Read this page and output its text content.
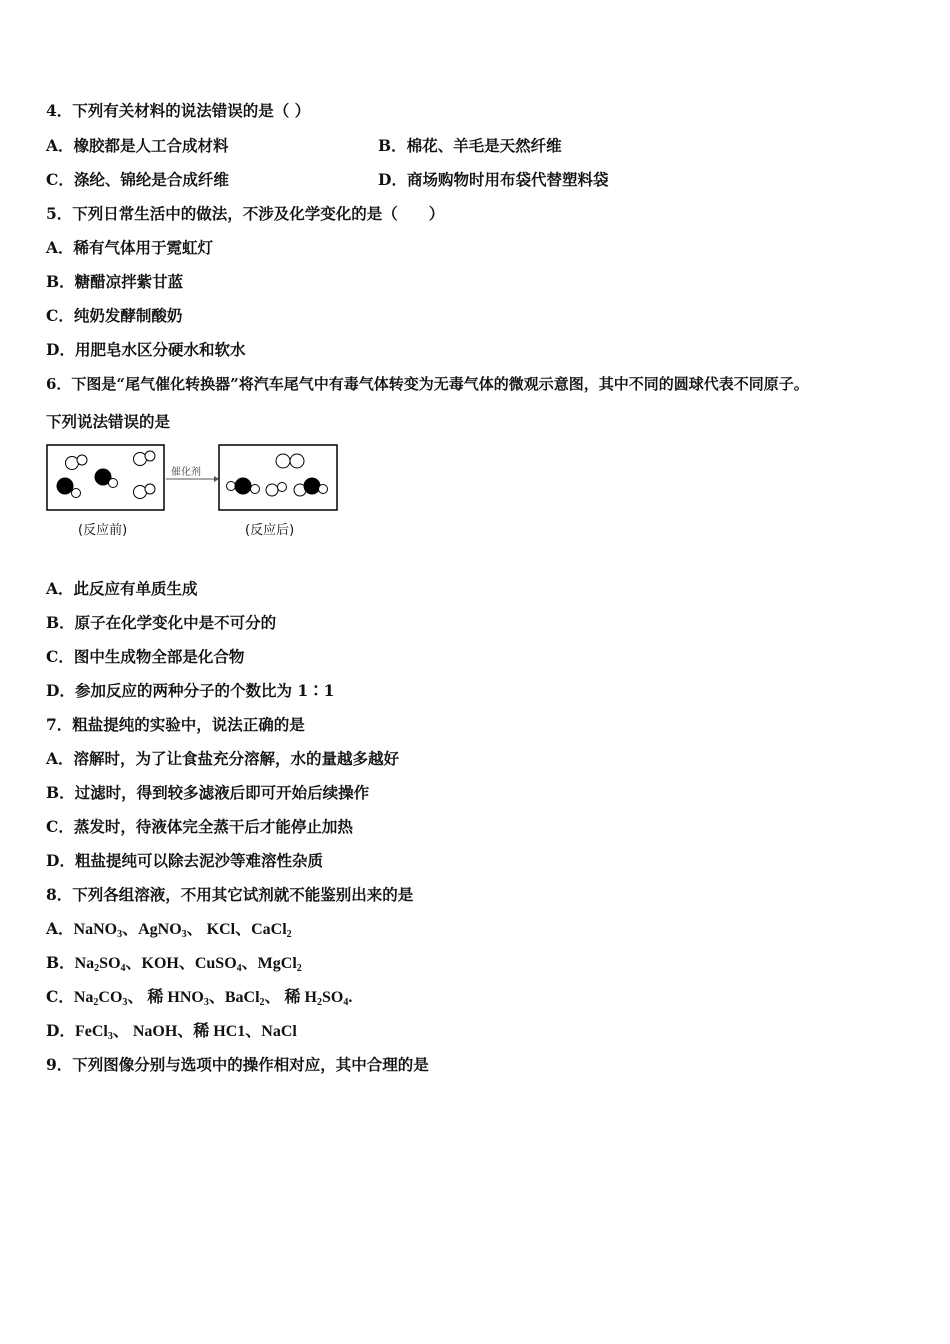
4．下列有关材料的说法错误的是（ ）
A．橡胶都是人工合成材料	B．棉花、羊毛是天然纤维
C．涤纶、锦纶是合成纤维	D．商场购物时用布袋代替塑料袋
5．下列日常生活中的做法，不涉及化学变化的是（　　）
A．稀有气体用于霓虹灯
B．糖醋凉拌紫甘蓝
C．纯奶发酵制酸奶
D．用肥皂水区分硬水和软水
6．下图是“尾气催化转换器”将汽车尾气中有毒气体转变为无毒气体的微观示意图，其中不同的圆球代表不同原子。
下列说法错误的是
催化剂
(反应前)	(反应后)
A．此反应有单质生成
B．原子在化学变化中是不可分的
C．图中生成物全部是化合物
D．参加反应的两种分子的个数比为 1∶1
7．粗盐提纯的实验中，说法正确的是
A．溶解时，为了让食盐充分溶解，水的量越多越好
B．过滤时，得到较多滤液后即可开始后续操作
C．蒸发时，待液体完全蒸干后才能停止加热
D．粗盐提纯可以除去泥沙等难溶性杂质
8．下列各组溶液，不用其它试剂就不能鉴别出来的是
A．NaNO$_3$、AgNO$_3$、 KCl、CaCl$_2$
B．$Na_2SO_4$、KOH、CuSO$_4$、MgCl$_2$
C．$Na_2CO_3$、 稀 $HNO_3$、BaCl$_2$、 稀 $H_2SO_4$.
D．FeCl$_3$、 NaOH、稀 HC1、NaCl
9．下列图像分别与选项中的操作相对应，其中合理的是
